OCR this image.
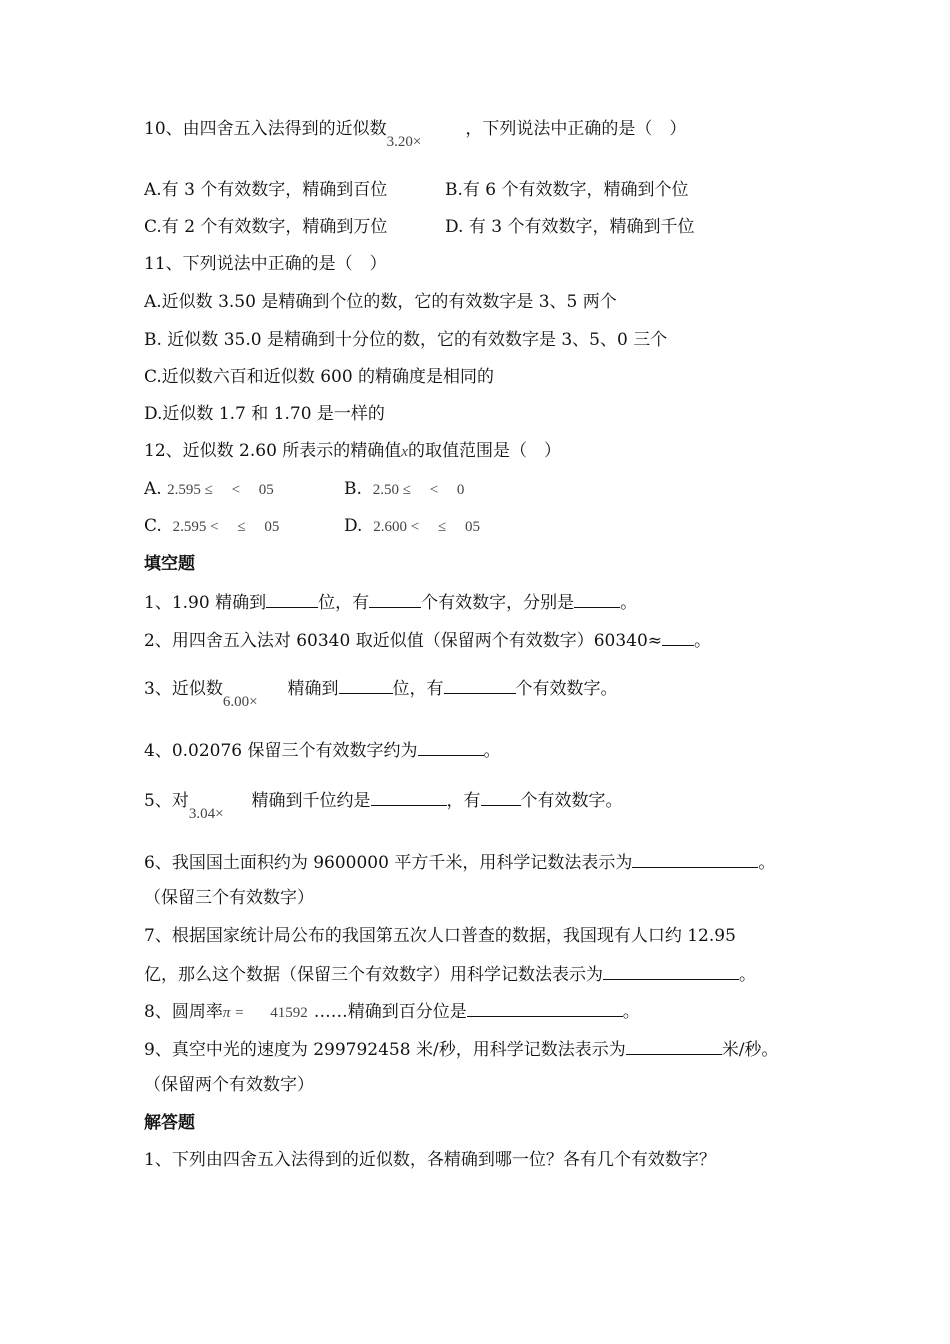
10、由四舍五入法得到的近似数3.20×，下列说法中正确的是（　）
A.有 3 个有效数字，精确到百位	B.有 6 个有效数字，精确到个位
C.有 2 个有效数字，精确到万位	D. 有 3 个有效数字，精确到千位
11、下列说法中正确的是（　）
A.近似数 3.50 是精确到个位的数，它的有效数字是 3、5 两个
B. 近似数 35.0 是精确到十分位的数，它的有效数字是 3、5、0 三个
C.近似数六百和近似数 600 的精确度是相同的
D.近似数 1.7 和 1.70 是一样的
12、近似数 2.60 所表示的精确值x的取值范围是（　）
A. 2.595 ≤　 <　 05	B. 2.50 ≤　 <　 0
C. 2.595 <　 ≤　 05	D. 2.600 <　 ≤　 05
填空题
1、1.90 精确到	位，有	个有效数字，分别是	。
2、用四舍五入法对 60340 取近似值（保留两个有效数字）60340≈ 。
3、近似数6.00×精确到	位，有	个有效数字。
4、0.02076 保留三个有效数字约为	。
5、对3.04×精确到千位约是	，有 个有效数字。
6、我国国土面积约为 9600000 平方千米，用科学记数法表示为	。
（保留三个有效数字）
7、根据国家统计局公布的我国第五次人口普查的数据，我国现有人口约 12.95
亿，那么这个数据（保留三个有效数字）用科学记数法表示为	。
8、圆周率π = 41592 ……精确到百分位是	。
9、真空中光的速度为 299792458 米/秒，用科学记数法表示为	米/秒。
（保留两个有效数字）
解答题
1、下列由四舍五入法得到的近似数，各精确到哪一位？各有几个有效数字？
